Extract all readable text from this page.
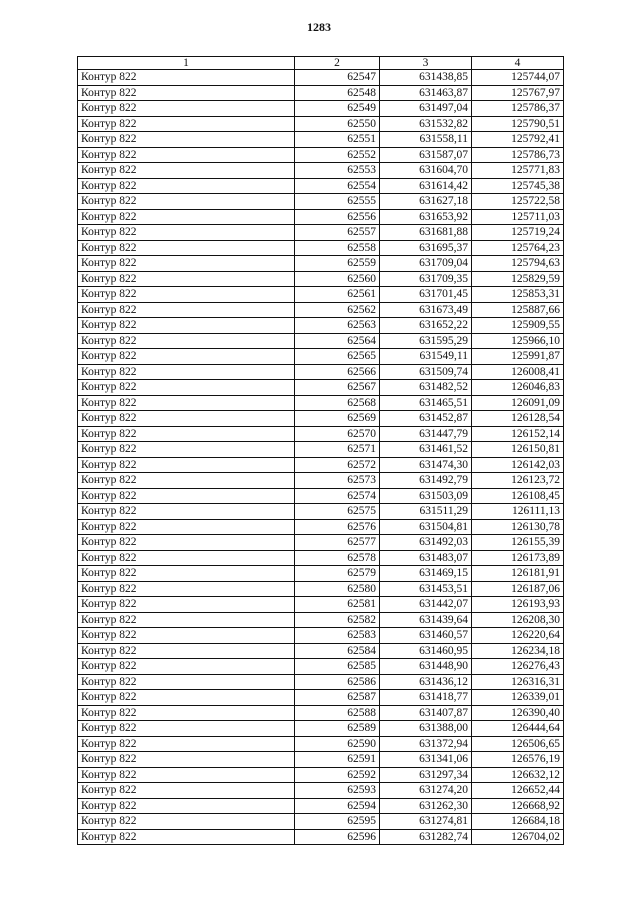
1283
1	2	3	4
Контур 822	62547	631438,85	125744,07
Контур 822	62548	631463,87	125767,97
Контур 822	62549	631497,04	125786,37
Контур 822	62550	631532,82	125790,51
Контур 822	62551	631558,11	125792,41
Контур 822	62552	631587,07	125786,73
Контур 822	62553	631604,70	125771,83
Контур 822	62554	631614,42	125745,38
Контур 822	62555	631627,18	125722,58
Контур 822	62556	631653,92	125711,03
Контур 822	62557	631681,88	125719,24
Контур 822	62558	631695,37	125764,23
Контур 822	62559	631709,04	125794,63
Контур 822	62560	631709,35	125829,59
Контур 822	62561	631701,45	125853,31
Контур 822	62562	631673,49	125887,66
Контур 822	62563	631652,22	125909,55
Контур 822	62564	631595,29	125966,10
Контур 822	62565	631549,11	125991,87
Контур 822	62566	631509,74	126008,41
Контур 822	62567	631482,52	126046,83
Контур 822	62568	631465,51	126091,09
Контур 822	62569	631452,87	126128,54
Контур 822	62570	631447,79	126152,14
Контур 822	62571	631461,52	126150,81
Контур 822	62572	631474,30	126142,03
Контур 822	62573	631492,79	126123,72
Контур 822	62574	631503,09	126108,45
Контур 822	62575	631511,29	126111,13
Контур 822	62576	631504,81	126130,78
Контур 822	62577	631492,03	126155,39
Контур 822	62578	631483,07	126173,89
Контур 822	62579	631469,15	126181,91
Контур 822	62580	631453,51	126187,06
Контур 822	62581	631442,07	126193,93
Контур 822	62582	631439,64	126208,30
Контур 822	62583	631460,57	126220,64
Контур 822	62584	631460,95	126234,18
Контур 822	62585	631448,90	126276,43
Контур 822	62586	631436,12	126316,31
Контур 822	62587	631418,77	126339,01
Контур 822	62588	631407,87	126390,40
Контур 822	62589	631388,00	126444,64
Контур 822	62590	631372,94	126506,65
Контур 822	62591	631341,06	126576,19
Контур 822	62592	631297,34	126632,12
Контур 822	62593	631274,20	126652,44
Контур 822	62594	631262,30	126668,92
Контур 822	62595	631274,81	126684,18
Контур 822	62596	631282,74	126704,02
